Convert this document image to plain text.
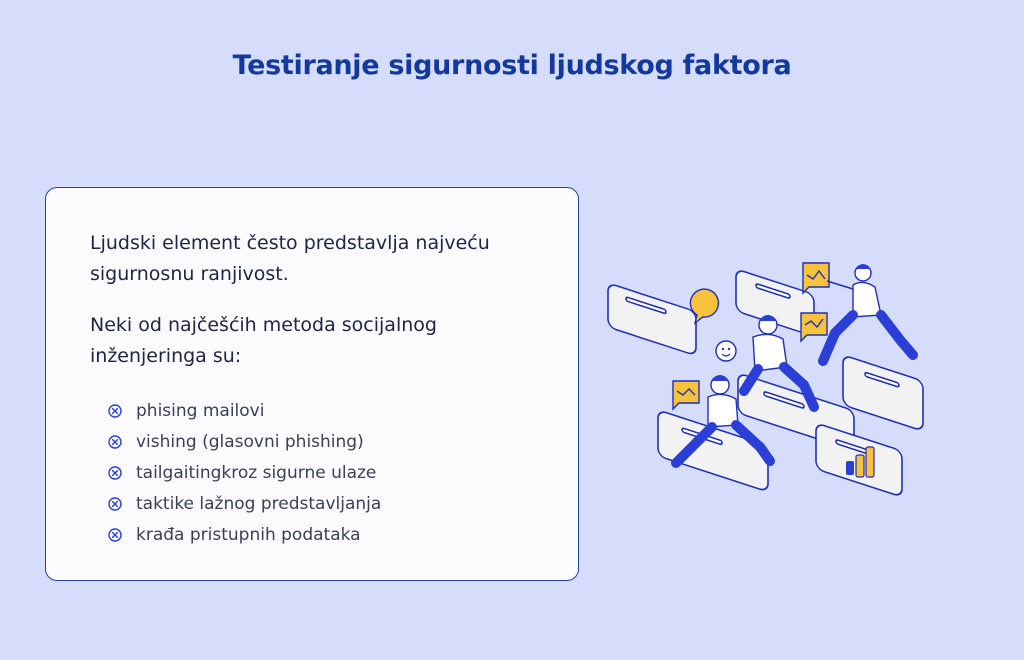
Testiranje sigurnosti ljudskog faktora

Ljudski element često predstavlja najveću sigurnosnu ranjivost.

Neki od najčešćih metoda socijalnog inženjeringa su:

phising mailovi
vishing (glasovni phishing)
tailgaitingkroz sigurne ulaze
taktike lažnog predstavljanja
krađa pristupnih podataka
